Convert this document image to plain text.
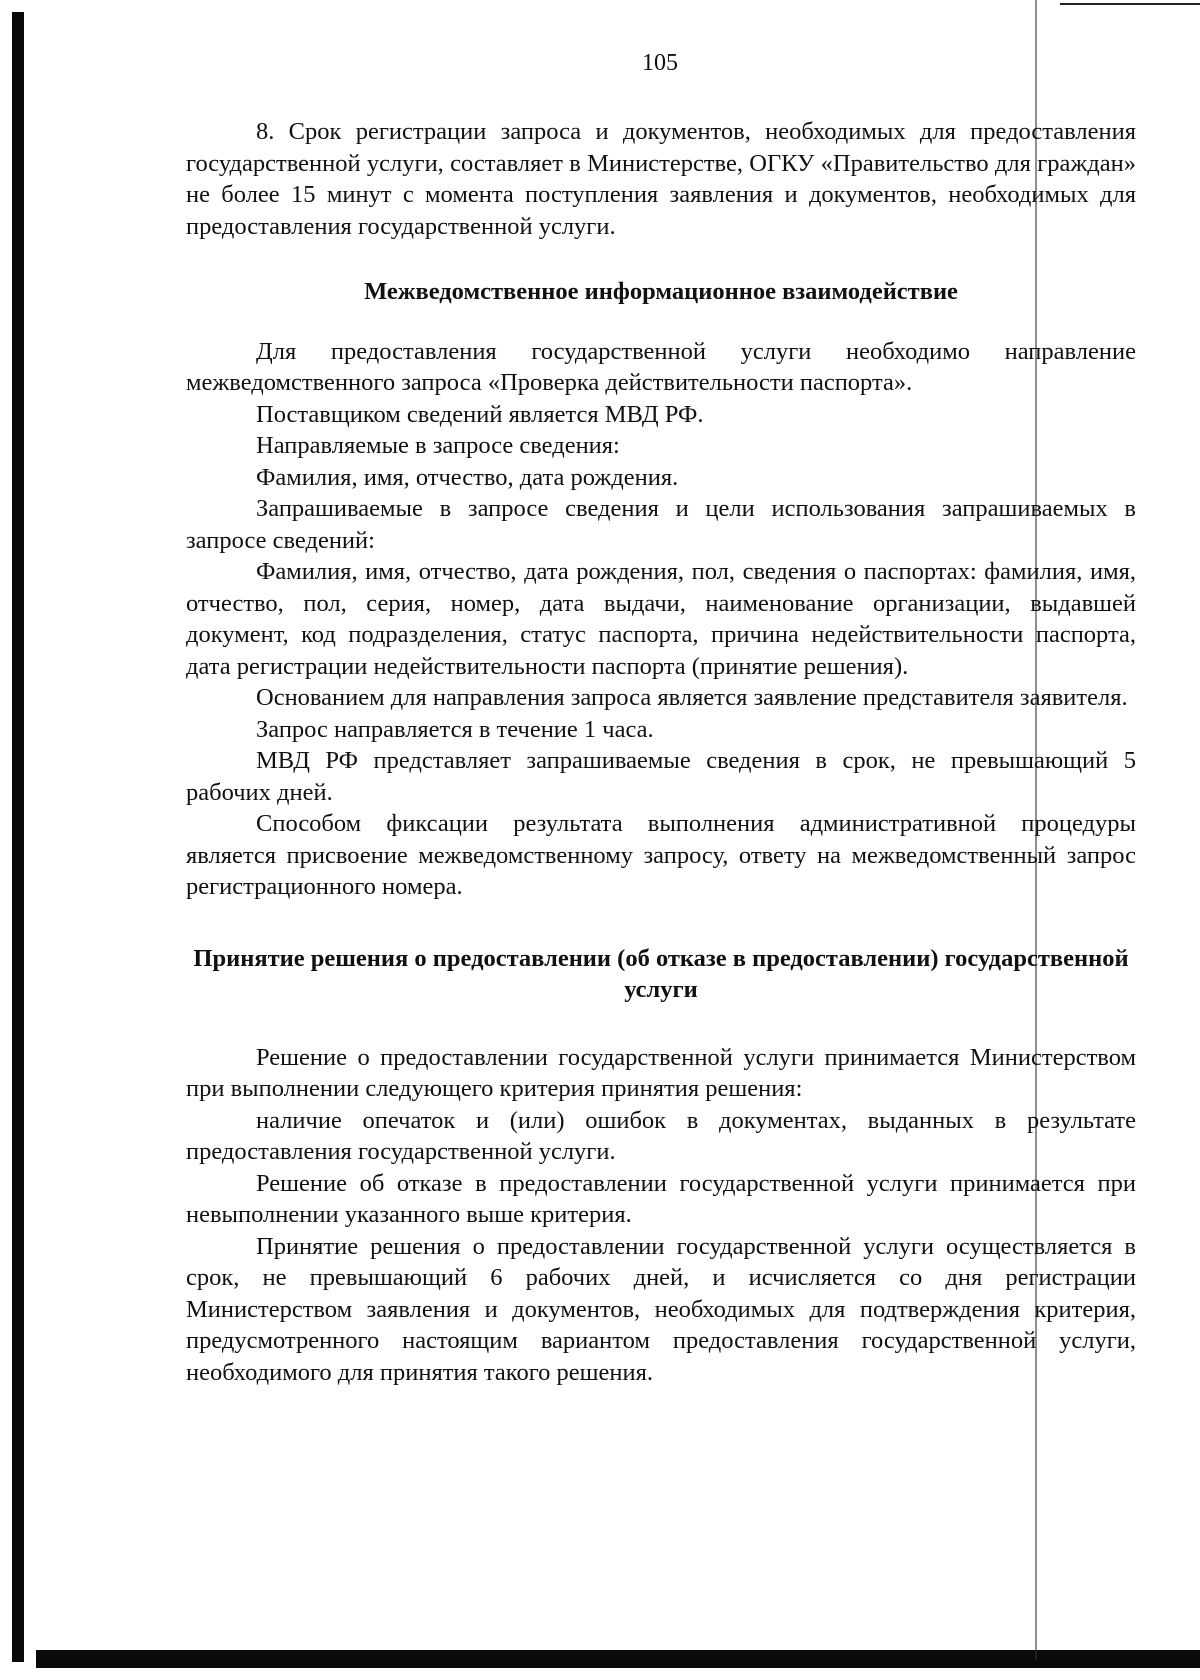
105

8. Срок регистрации запроса и документов, необходимых для предоставления государственной услуги, составляет в Министерстве, ОГКУ «Правительство для граждан» не более 15 минут с момента поступления заявления и документов, необходимых для предоставления государственной услуги.

Межведомственное информационное взаимодействие

Для предоставления государственной услуги необходимо направление межведомственного запроса «Проверка действительности паспорта».

Поставщиком сведений является МВД РФ.

Направляемые в запросе сведения:

Фамилия, имя, отчество, дата рождения.

Запрашиваемые в запросе сведения и цели использования запрашиваемых в запросе сведений:

Фамилия, имя, отчество, дата рождения, пол, сведения о паспортах: фамилия, имя, отчество, пол, серия, номер, дата выдачи, наименование организации, выдавшей документ, код подразделения, статус паспорта, причина недействительности паспорта, дата регистрации недействительности паспорта (принятие решения).

Основанием для направления запроса является заявление представителя заявителя.

Запрос направляется в течение 1 часа.

МВД РФ представляет запрашиваемые сведения в срок, не превышающий 5 рабочих дней.

Способом фиксации результата выполнения административной процедуры является присвоение межведомственному запросу, ответу на межведомственный запрос регистрационного номера.

Принятие решения о предоставлении (об отказе в предоставлении) государственной услуги

Решение о предоставлении государственной услуги принимается Министерством при выполнении следующего критерия принятия решения:

наличие опечаток и (или) ошибок в документах, выданных в результате предоставления государственной услуги.

Решение об отказе в предоставлении государственной услуги принимается при невыполнении указанного выше критерия.

Принятие решения о предоставлении государственной услуги осуществляется в срок, не превышающий 6 рабочих дней, и исчисляется со дня регистрации Министерством заявления и документов, необходимых для подтверждения критерия, предусмотренного настоящим вариантом предоставления государственной услуги, необходимого для принятия такого решения.
